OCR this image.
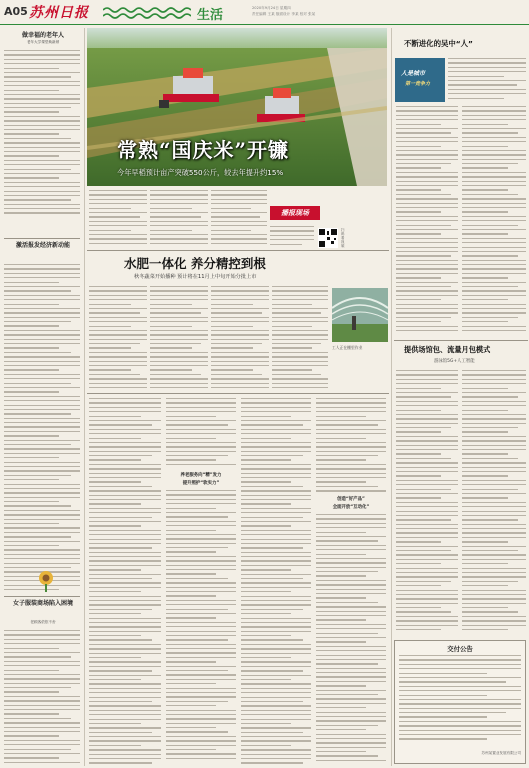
A05 苏州日报	生活	2020年9月24日 星期四
责任编辑 王某 版面设计 李某 校对 张某
做幸福的老年人
老年大学课堂焕新颜
激活报发经济新动能
女子服装商场陷入困境
老顾客依依不舍
常熟“国庆米”开镰
今年早稻预计亩产突破550公斤，较去年提升约15%
播报现场
扫码看视频
水肥一体化 养分精控到根
秋冬蔬菜开始播种 预计将在11月上中旬开始分批上市
工人正在棚里作业
养老服务向“精”发力
提升照护“软实力”
创造“好产品”
全面开放“互动化”
不断进化的吴中“人”
人是城市
第一竞争力
提供场馆包、流量月包模式
游泳馆5G+人工智能
交付公告
苏州某置业发展有限公司
